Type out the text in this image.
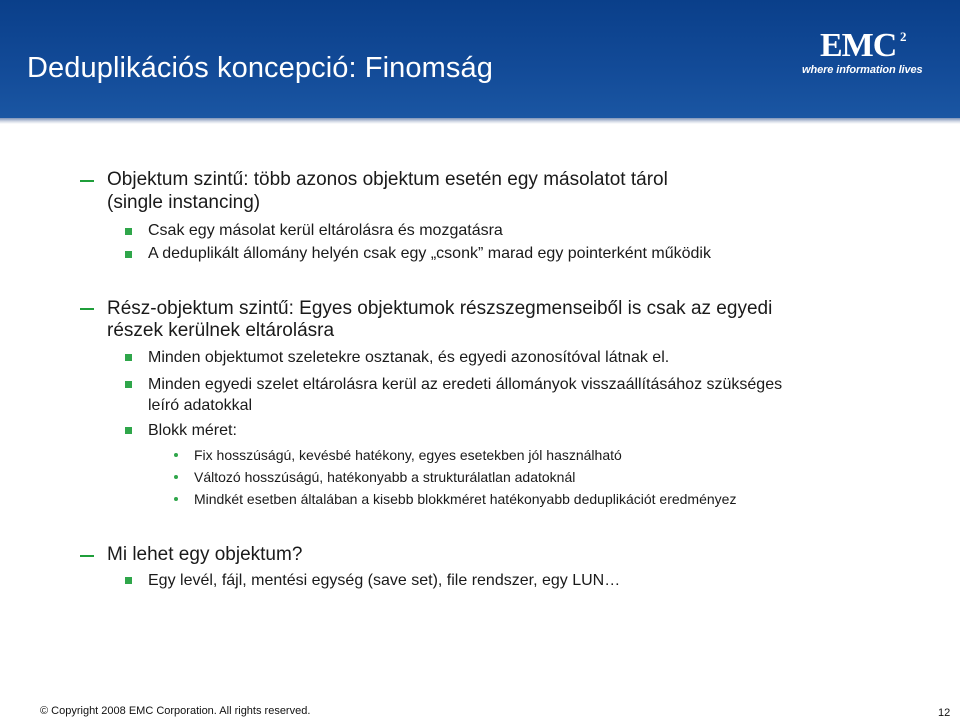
Deduplikációs koncepció: Finomság
EMC 2
where information lives
Objektum szintű: több azonos objektum esetén egy másolatot tárol
(single instancing)
Csak egy másolat kerül eltárolásra és mozgatásra
A deduplikált állomány helyén csak egy „csonk” marad egy pointerként működik
Rész-objektum szintű: Egyes objektumok részszegmenseiből is csak az egyedi
részek kerülnek eltárolásra
Minden objektumot szeletekre osztanak, és egyedi azonosítóval látnak el.
Minden egyedi szelet eltárolásra kerül az eredeti állományok visszaállításához szükséges
leíró adatokkal
Blokk méret:
Fix hosszúságú, kevésbé hatékony, egyes esetekben jól használható
Változó hosszúságú, hatékonyabb a strukturálatlan adatoknál
Mindkét esetben általában a kisebb blokkméret hatékonyabb deduplikációt eredményez
Mi lehet egy objektum?
Egy levél, fájl, mentési egység (save set), file rendszer, egy LUN…
© Copyright 2008 EMC Corporation. All rights reserved.	12
